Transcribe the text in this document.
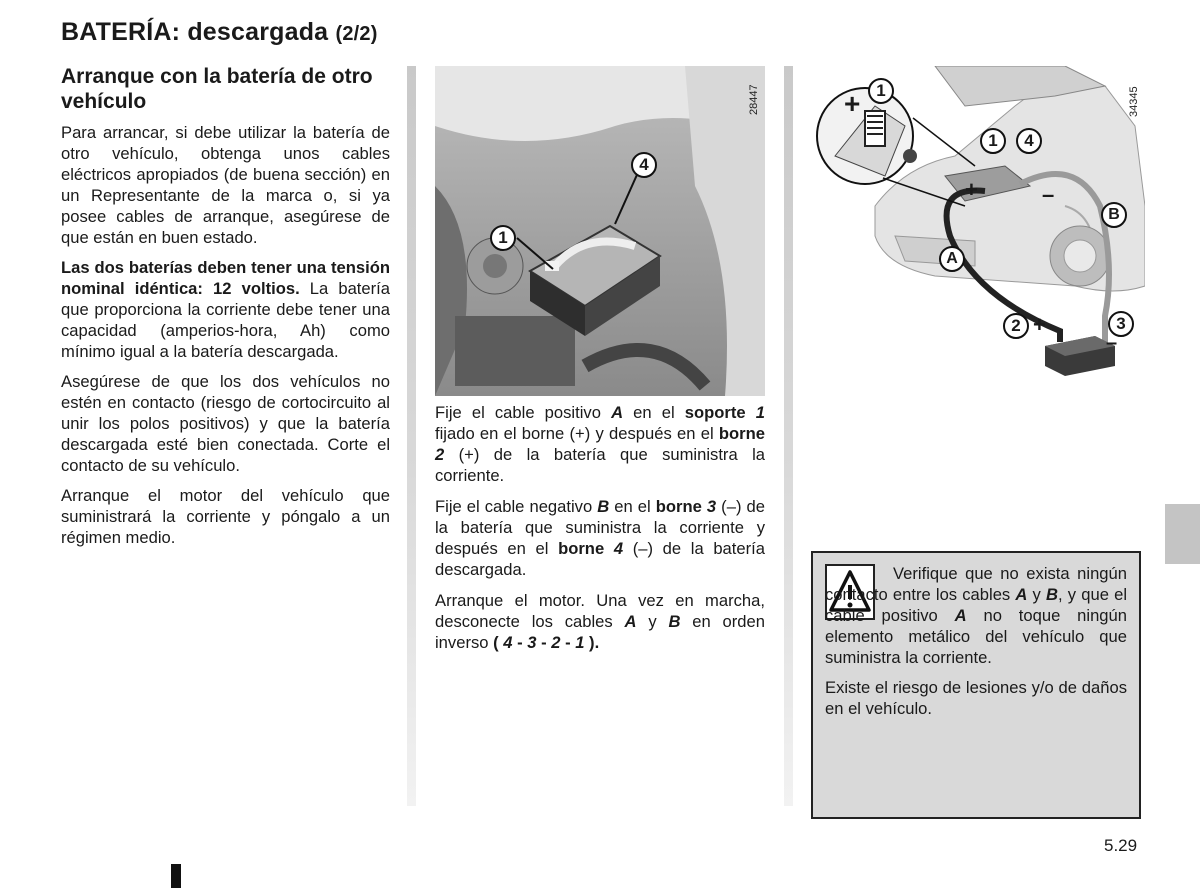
BATERÍA: descargada (2/2)
Arranque con la batería de otro vehículo

Para arrancar, si debe utilizar la batería de otro vehículo, obtenga unos cables eléctricos apropiados (de buena sección) en un Representante de la marca o, si ya posee cables de arranque, asegúrese de que están en buen estado.

Las dos baterías deben tener una tensión nominal idéntica: 12 voltios. La batería que proporciona la corriente debe tener una capacidad (amperios-hora, Ah) como mínimo igual a la batería descargada.

Asegúrese de que los dos vehículos no estén en contacto (riesgo de cortocircuito al unir los polos positivos) y que la batería descargada esté bien conectada. Corte el contacto de su vehículo.

Arranque el motor del vehículo que suministrará la corriente y póngalo a un régimen medio.

28447
1
4

Fije el cable positivo A en el soporte 1 fijado en el borne (+) y después en el borne 2 (+) de la batería que suministra la corriente.

Fije el cable negativo B en el borne 3 (–) de la batería que suministra la corriente y después en el borne 4 (–) de la batería descargada.

Arranque el motor. Una vez en marcha, desconecte los cables A y B en orden inverso ( 4 - 3 - 2 - 1 ).

34345
1
1	4
2	3
A
B
+
+
+
–
–

Verifique que no exista ningún contacto entre los cables A y B, y que el cable positivo A no toque ningún elemento metálico del vehículo que suministra la corriente.

Existe el riesgo de lesiones y/o de daños en el vehículo.

5.29
